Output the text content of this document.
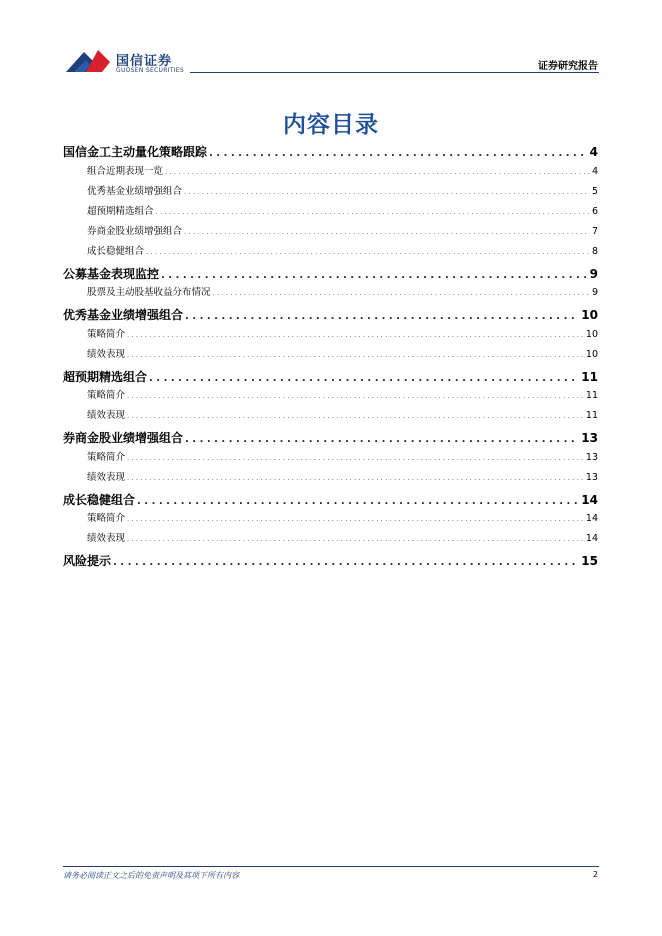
国信证券
GUOSEN SECURITIES	证券研究报告
内容目录
国信金工主动量化策略跟踪 . . .	4
组合近期表现一览 . . .	4
优秀基金业绩增强组合 . . .	5
超预期精选组合 . . .	6
券商金股业绩增强组合 . . .	7
成长稳健组合 . . .	8
公募基金表现监控 . . .	9
股票及主动股基收益分布情况 . . .	9
优秀基金业绩增强组合 . . .	10
策略简介 . . .	10
绩效表现 . . .	10
超预期精选组合 . . .	11
策略简介 . . .	11
绩效表现 . . .	11
券商金股业绩增强组合 . . .	13
策略简介 . . .	13
绩效表现 . . .	13
成长稳健组合 . . .	14
策略简介 . . .	14
绩效表现 . . .	14
风险提示 . . .	15
请务必阅读正文之后的免责声明及其项下所有内容	2
